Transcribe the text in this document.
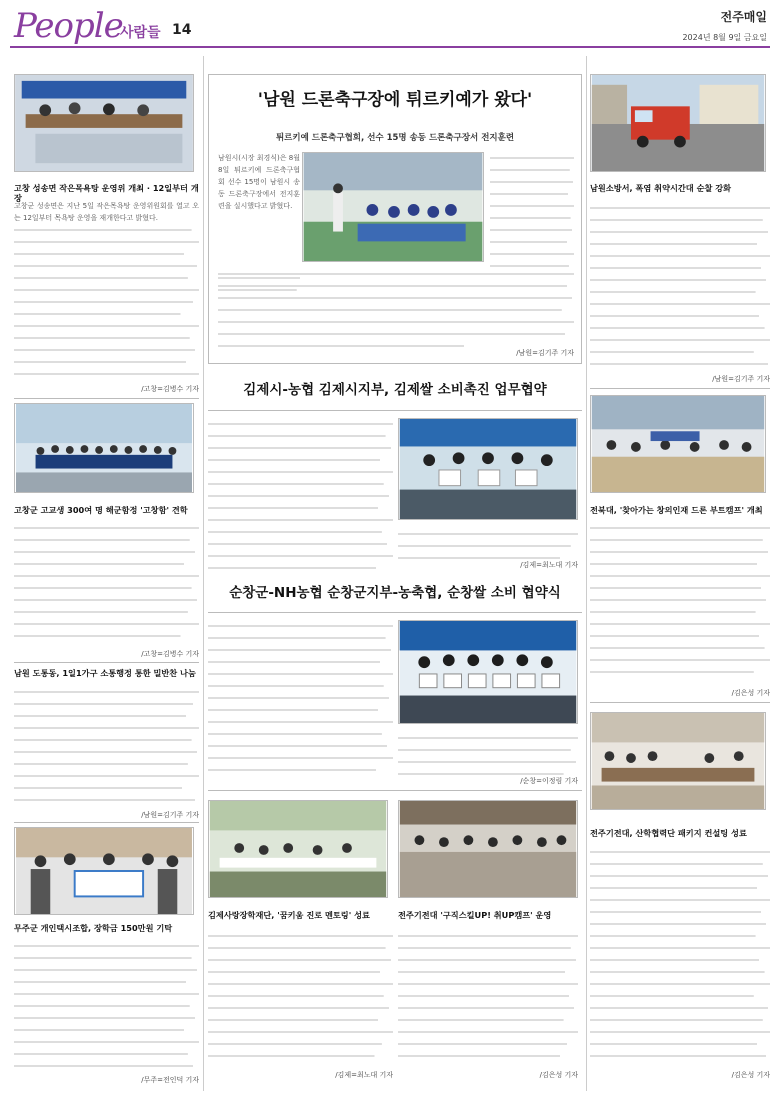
People
사람들 14
전주매일
2024년 8월 9일 금요일
고창 성송면 작은목욕탕 운영위 개최 · 12일부터 개장
고창군 성송면은 지난 5일 작은목욕탕 운영위원회를 열고 오는 12일부터 목욕탕 운영을 재개한다고 밝혔다.
/고창=김병수 기자
고창군 고교생 300여 명 해군함정 '고창함' 견학
/고창=김병수 기자
남원 도통동, 1일1가구 소통행정 통한 밀반찬 나눔
/남원=김기주 기자
무주군 개인택시조합, 장학금 150만원 기탁
/무주=전인덕 기자
'남원 드론축구장에 튀르키예가 왔다'
튀르키예 드론축구협회, 선수 15명 송동 드론축구장서 전지훈련
남원시(시장 최경식)은 8월 8일 튀르키예 드론축구협회 선수 15명이 남원시 송동 드론축구장에서 전지훈련을 실시했다고 밝혔다.
/남원=김기주 기자
김제시-농협 김제시지부, 김제쌀 소비촉진 업무협약
/김제=최노대 기자
순창군-NH농협 순창군지부-농축협, 순창쌀 소비 협약식
/순창=이정림 기자
김제사랑장학재단, '꿈키움 진로 멘토링' 성료
/김제=최노대 기자
전주기전대 '구직스킬UP! 취UP캠프' 운영
/김은성 기자
남원소방서, 폭염 취약시간대 순찰 강화
/남원=김기주 기자
전북대, '찾아가는 창의인재 드론 부트캠프' 개최
/김은성 기자
전주기전대, 산학협력단 패키지 컨설팅 성료
/김은성 기자
